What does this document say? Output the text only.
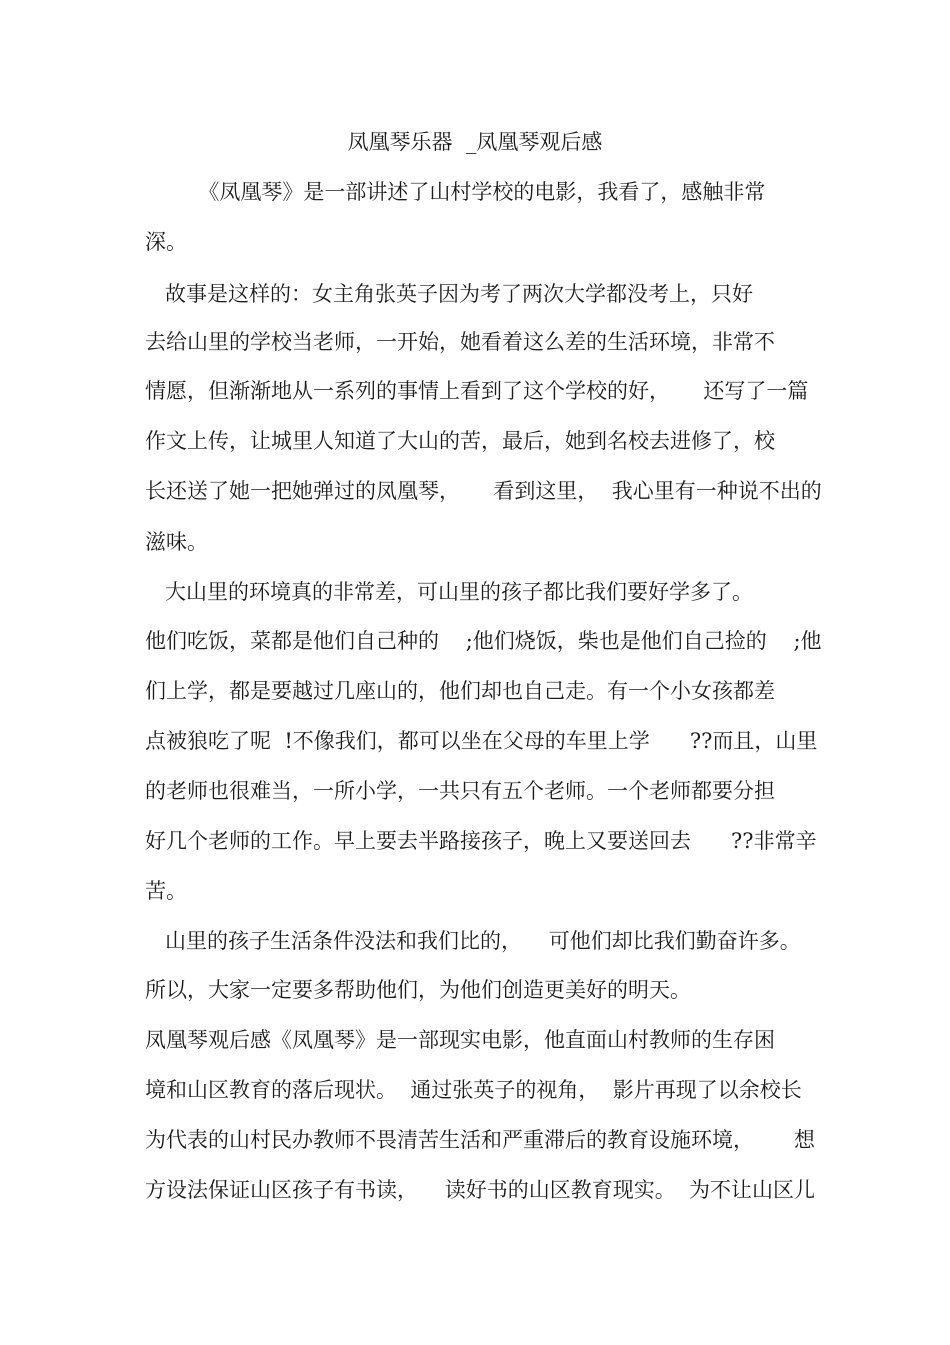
凤凰琴乐器  _凤凰琴观后感
《凤凰琴》是一部讲述了山村学校的电影，我看了，感触非常
深。
故事是这样的：女主角张英子因为考了两次大学都没考上，只好
去给山里的学校当老师，一开始，她看着这么差的生活环境，非常不
情愿，但渐渐地从一系列的事情上看到了这个学校的好，     还写了一篇
作文上传，让城里人知道了大山的苦，最后，她到名校去进修了，校
长还送了她一把她弹过的凤凰琴，     看到这里，  我心里有一种说不出的
滋味。
大山里的环境真的非常差，可山里的孩子都比我们要好学多了。
他们吃饭，菜都是他们自己种的    ;他们烧饭，柴也是他们自己捡的    ;他
们上学，都是要越过几座山的，他们却也自己走。有一个小女孩都差
点被狼吃了呢  !不像我们，都可以坐在父母的车里上学      ??而且，山里
的老师也很难当，一所小学，一共只有五个老师。一个老师都要分担
好几个老师的工作。早上要去半路接孩子，晚上又要送回去      ??非常辛
苦。
山里的孩子生活条件没法和我们比的，    可他们却比我们勤奋许多。
所以，大家一定要多帮助他们，为他们创造更美好的明天。
凤凰琴观后感《凤凰琴》是一部现实电影，他直面山村教师的生存困
境和山区教育的落后现状。  通过张英子的视角，  影片再现了以余校长
为代表的山村民办教师不畏清苦生活和严重滞后的教育设施环境，      想
方设法保证山区孩子有书读，    读好书的山区教育现实。  为不让山区儿
